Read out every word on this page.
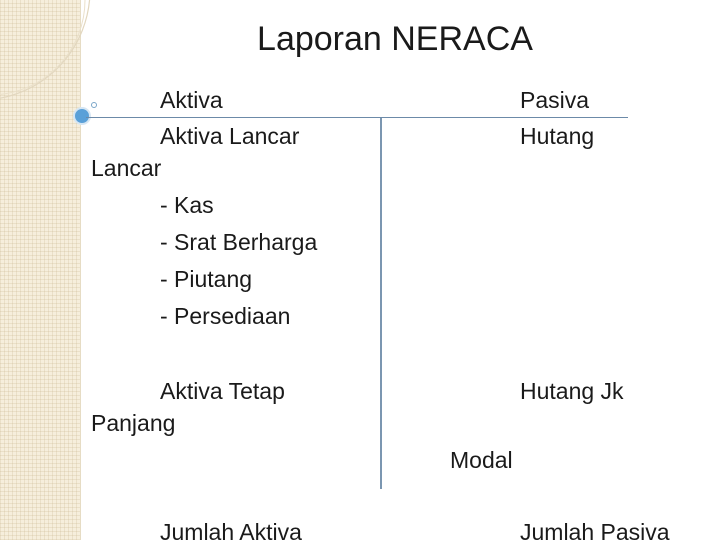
Laporan NERACA
Aktiva
Aktiva Lancar
Lancar
- Kas
- Srat Berharga
- Piutang
- Persediaan
Aktiva Tetap
Panjang
Jumlah Aktiva
Pasiva
Hutang
Hutang Jk
Modal
Jumlah Pasiva
